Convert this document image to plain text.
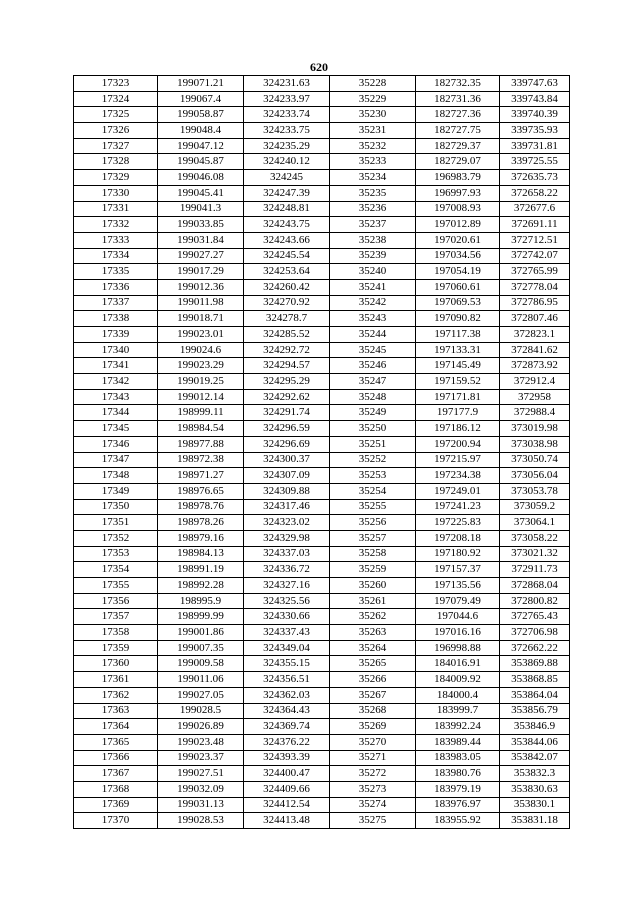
620
17323	199071.21	324231.63	35228	182732.35	339747.63
17324	199067.4	324233.97	35229	182731.36	339743.84
17325	199058.87	324233.74	35230	182727.36	339740.39
17326	199048.4	324233.75	35231	182727.75	339735.93
17327	199047.12	324235.29	35232	182729.37	339731.81
17328	199045.87	324240.12	35233	182729.07	339725.55
17329	199046.08	324245	35234	196983.79	372635.73
17330	199045.41	324247.39	35235	196997.93	372658.22
17331	199041.3	324248.81	35236	197008.93	372677.6
17332	199033.85	324243.75	35237	197012.89	372691.11
17333	199031.84	324243.66	35238	197020.61	372712.51
17334	199027.27	324245.54	35239	197034.56	372742.07
17335	199017.29	324253.64	35240	197054.19	372765.99
17336	199012.36	324260.42	35241	197060.61	372778.04
17337	199011.98	324270.92	35242	197069.53	372786.95
17338	199018.71	324278.7	35243	197090.82	372807.46
17339	199023.01	324285.52	35244	197117.38	372823.1
17340	199024.6	324292.72	35245	197133.31	372841.62
17341	199023.29	324294.57	35246	197145.49	372873.92
17342	199019.25	324295.29	35247	197159.52	372912.4
17343	199012.14	324292.62	35248	197171.81	372958
17344	198999.11	324291.74	35249	197177.9	372988.4
17345	198984.54	324296.59	35250	197186.12	373019.98
17346	198977.88	324296.69	35251	197200.94	373038.98
17347	198972.38	324300.37	35252	197215.97	373050.74
17348	198971.27	324307.09	35253	197234.38	373056.04
17349	198976.65	324309.88	35254	197249.01	373053.78
17350	198978.76	324317.46	35255	197241.23	373059.2
17351	198978.26	324323.02	35256	197225.83	373064.1
17352	198979.16	324329.98	35257	197208.18	373058.22
17353	198984.13	324337.03	35258	197180.92	373021.32
17354	198991.19	324336.72	35259	197157.37	372911.73
17355	198992.28	324327.16	35260	197135.56	372868.04
17356	198995.9	324325.56	35261	197079.49	372800.82
17357	198999.99	324330.66	35262	197044.6	372765.43
17358	199001.86	324337.43	35263	197016.16	372706.98
17359	199007.35	324349.04	35264	196998.88	372662.22
17360	199009.58	324355.15	35265	184016.91	353869.88
17361	199011.06	324356.51	35266	184009.92	353868.85
17362	199027.05	324362.03	35267	184000.4	353864.04
17363	199028.5	324364.43	35268	183999.7	353856.79
17364	199026.89	324369.74	35269	183992.24	353846.9
17365	199023.48	324376.22	35270	183989.44	353844.06
17366	199023.37	324393.39	35271	183983.05	353842.07
17367	199027.51	324400.47	35272	183980.76	353832.3
17368	199032.09	324409.66	35273	183979.19	353830.63
17369	199031.13	324412.54	35274	183976.97	353830.1
17370	199028.53	324413.48	35275	183955.92	353831.18
